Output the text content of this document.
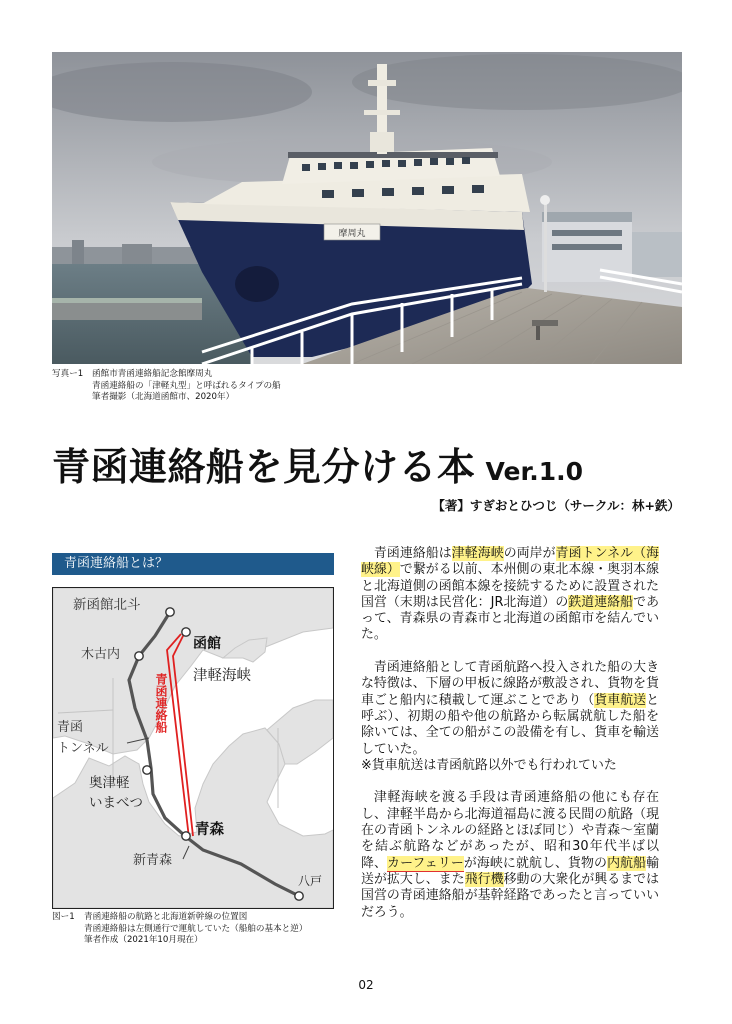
摩周丸
写真ー1 函館市青函連絡船記念館摩周丸
青函連絡船の「津軽丸型」と呼ばれるタイプの船
筆者撮影（北海道函館市、2020年）
青函連絡船を見分ける本 Ver.1.0
【著】すぎおとひつじ（サークル：林+鉄）
青函連絡船とは？
新函館北斗
函館
木古内
津軽海峡
青函連絡船
青函
トンネル
奥津軽
いまべつ
青森
新青森
八戸
図ー1 青函連絡船の航路と北海道新幹線の位置図
青函連絡船は左側通行で運航していた（船舶の基本と逆）
筆者作成（2021年10月現在）

青函連絡船は津軽海峡の両岸が青函トンネル（海峡線）で繋がる以前、本州側の東北本線・奥羽本線と北海道側の函館本線を接続するために設置された国営（末期は民営化：JR北海道）の鉄道連絡船であって、青森県の青森市と北海道の函館市を結んでいた。

青函連絡船として青函航路へ投入された船の大きな特徴は、下層の甲板に線路が敷設され、貨物を貨車ごと船内に積載して運ぶことであり（貨車航送と呼ぶ）、初期の船や他の航路から転属就航した船を除いては、全ての船がこの設備を有し、貨車を輸送していた。

※貨車航送は青函航路以外でも行われていた

津軽海峡を渡る手段は青函連絡船の他にも存在し、津軽半島から北海道福島に渡る民間の航路（現在の青函トンネルの経路とほぼ同じ）や青森～室蘭を結ぶ航路などがあったが、昭和30年代半ば以降、カーフェリーが海峡に就航し、貨物の内航船輸送が拡大し、また飛行機移動の大衆化が興るまでは国営の青函連絡船が基幹経路であったと言っていいだろう。

02
